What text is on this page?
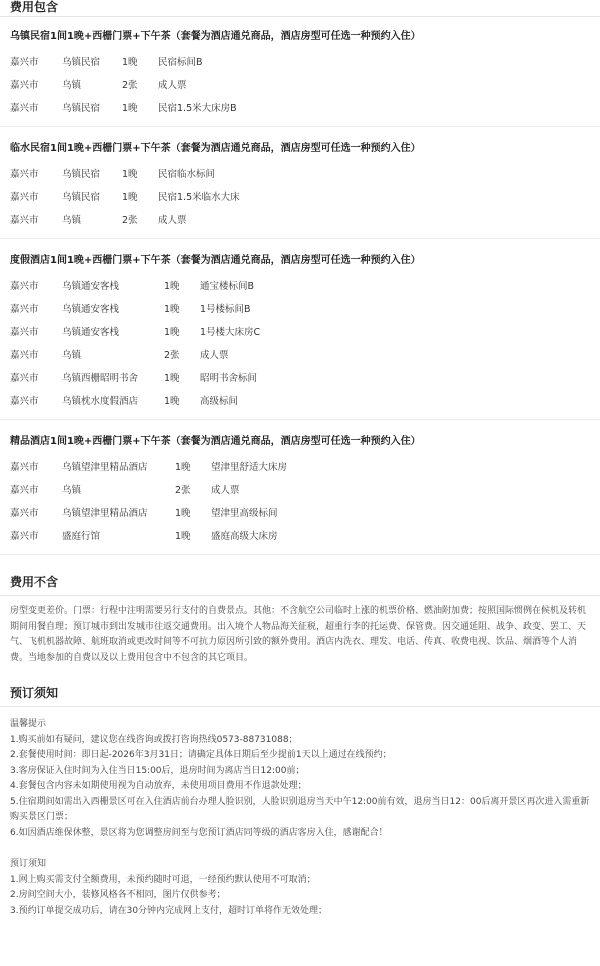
费用包含
乌镇民宿1间1晚+西栅门票+下午茶（套餐为酒店通兑商品，酒店房型可任选一种预约入住）
嘉兴市	乌镇民宿	1晚	民宿标间B
嘉兴市	乌镇	2张	成人票
嘉兴市	乌镇民宿	1晚	民宿1.5米大床房B
临水民宿1间1晚+西栅门票+下午茶（套餐为酒店通兑商品，酒店房型可任选一种预约入住）
嘉兴市	乌镇民宿	1晚	民宿临水标间
嘉兴市	乌镇民宿	1晚	民宿1.5米临水大床
嘉兴市	乌镇	2张	成人票
度假酒店1间1晚+西栅门票+下午茶（套餐为酒店通兑商品，酒店房型可任选一种预约入住）
嘉兴市	乌镇通安客栈	1晚	通宝楼标间B
嘉兴市	乌镇通安客栈	1晚	1号楼标间B
嘉兴市	乌镇通安客栈	1晚	1号楼大床房C
嘉兴市	乌镇	2张	成人票
嘉兴市	乌镇西栅昭明书舍	1晚	昭明书舍标间
嘉兴市	乌镇枕水度假酒店	1晚	高级标间
精品酒店1间1晚+西栅门票+下午茶（套餐为酒店通兑商品，酒店房型可任选一种预约入住）
嘉兴市	乌镇望津里精品酒店	1晚	望津里舒适大床房
嘉兴市	乌镇	2张	成人票
嘉兴市	乌镇望津里精品酒店	1晚	望津里高级标间
嘉兴市	盛庭行馆	1晚	盛庭高级大床房
费用不含
房型变更差价。门票：行程中注明需要另行支付的自费景点。其他：不含航空公司临时上涨的机票价格、燃油附加费；按照国际惯例在候机及转机期间用餐自理；预订城市到出发城市往返交通费用。出入境个人物品海关征税，超重行李的托运费、保管费。因交通延阻、战争、政变、罢工、天气、飞机机器故障、航班取消或更改时间等不可抗力原因所引致的额外费用。酒店内洗衣、理发、电话、传真、收费电视、饮品、烟酒等个人消费。当地参加的自费以及以上费用包含中不包含的其它项目。
预订须知
温馨提示
1.购买前如有疑问，建议您在线咨询或拨打咨询热线0573-88731088；
2.套餐使用时间：即日起-2026年3月31日；请确定具体日期后至少提前1天以上通过在线预约；
3.客房保证入住时间为入住当日15:00后，退房时间为离店当日12:00前；
4.套餐包含内容未如期使用视为自动放弃，未使用项目费用不作退款处理；
5.住宿期间如需出入西栅景区可在入住酒店前台办理人脸识别，人脸识别退房当天中午12:00前有效，退房当日12：00后离开景区再次进入需重新购买景区门票；
6.如因酒店维保休整，景区将为您调整房间至与您预订酒店同等级的酒店客房入住，感谢配合！
预订须知
1.网上购买需支付全额费用，未预约随时可退，一经预约默认使用不可取消；
2.房间空间大小，装修风格各不相同，图片仅供参考；
3.预约订单提交成功后，请在30分钟内完成网上支付，超时订单将作无效处理；
